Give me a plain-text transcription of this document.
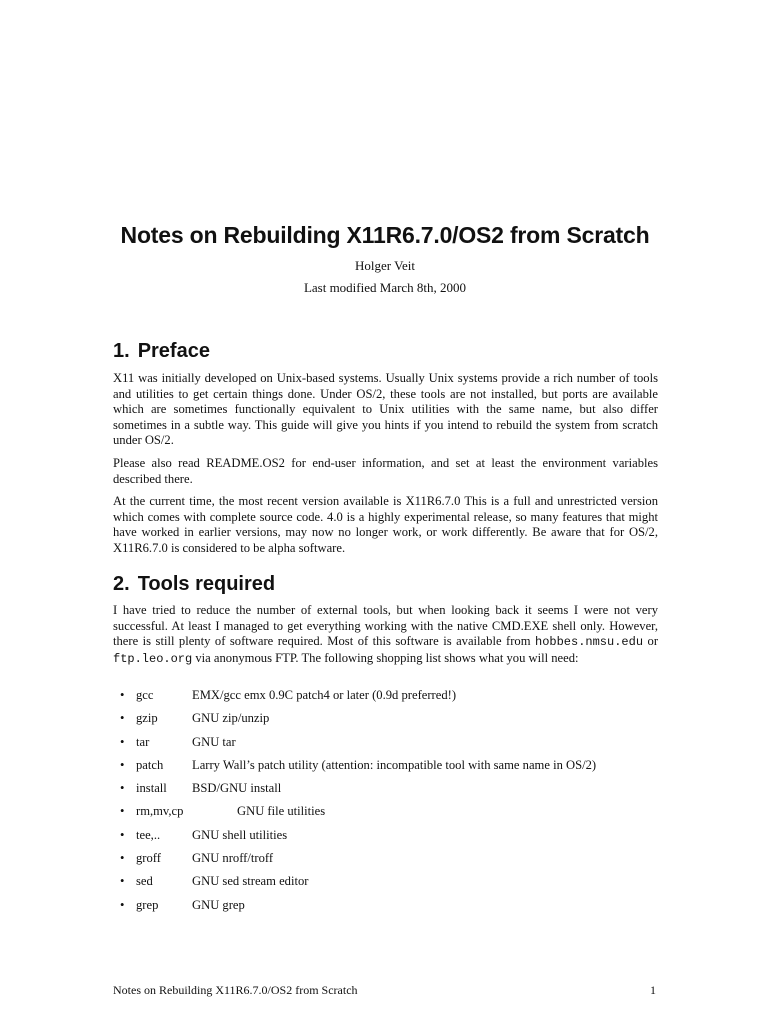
Notes on Rebuilding X11R6.7.0/OS2 from Scratch
Holger Veit
Last modified March 8th, 2000
1. Preface

X11 was initially developed on Unix-based systems. Usually Unix systems provide a rich number of tools and utilities to get certain things done. Under OS/2, these tools are not installed, but ports are available which are sometimes functionally equivalent to Unix utilities with the same name, but also differ sometimes in a subtle way. This guide will give you hints if you intend to rebuild the system from scratch under OS/2.

Please also read README.OS2 for end-user information, and set at least the environment variables described there.

At the current time, the most recent version available is X11R6.7.0 This is a full and unrestricted version which comes with complete source code. 4.0 is a highly experimental release, so many features that might have worked in earlier versions, may now no longer work, or work differently. Be aware that for OS/2, X11R6.7.0 is considered to be alpha software.

2. Tools required

I have tried to reduce the number of external tools, but when looking back it seems I were not very successful. At least I managed to get everything working with the native CMD.EXE shell only. However, there is still plenty of software required. Most of this software is available from hobbes.nmsu.edu or ftp.leo.org via anonymous FTP. The following shopping list shows what you will need:

• gcc	EMX/gcc emx 0.9C patch4 or later (0.9d preferred!)
• gzip	GNU zip/unzip
• tar	GNU tar
• patch	Larry Wall’s patch utility (attention: incompatible tool with same name in OS/2)
• install	BSD/GNU install
• rm,mv,cp	GNU file utilities
• tee,..	GNU shell utilities
• groff	GNU nroff/troff
• sed	GNU sed stream editor
• grep	GNU grep
Notes on Rebuilding X11R6.7.0/OS2 from Scratch	1
